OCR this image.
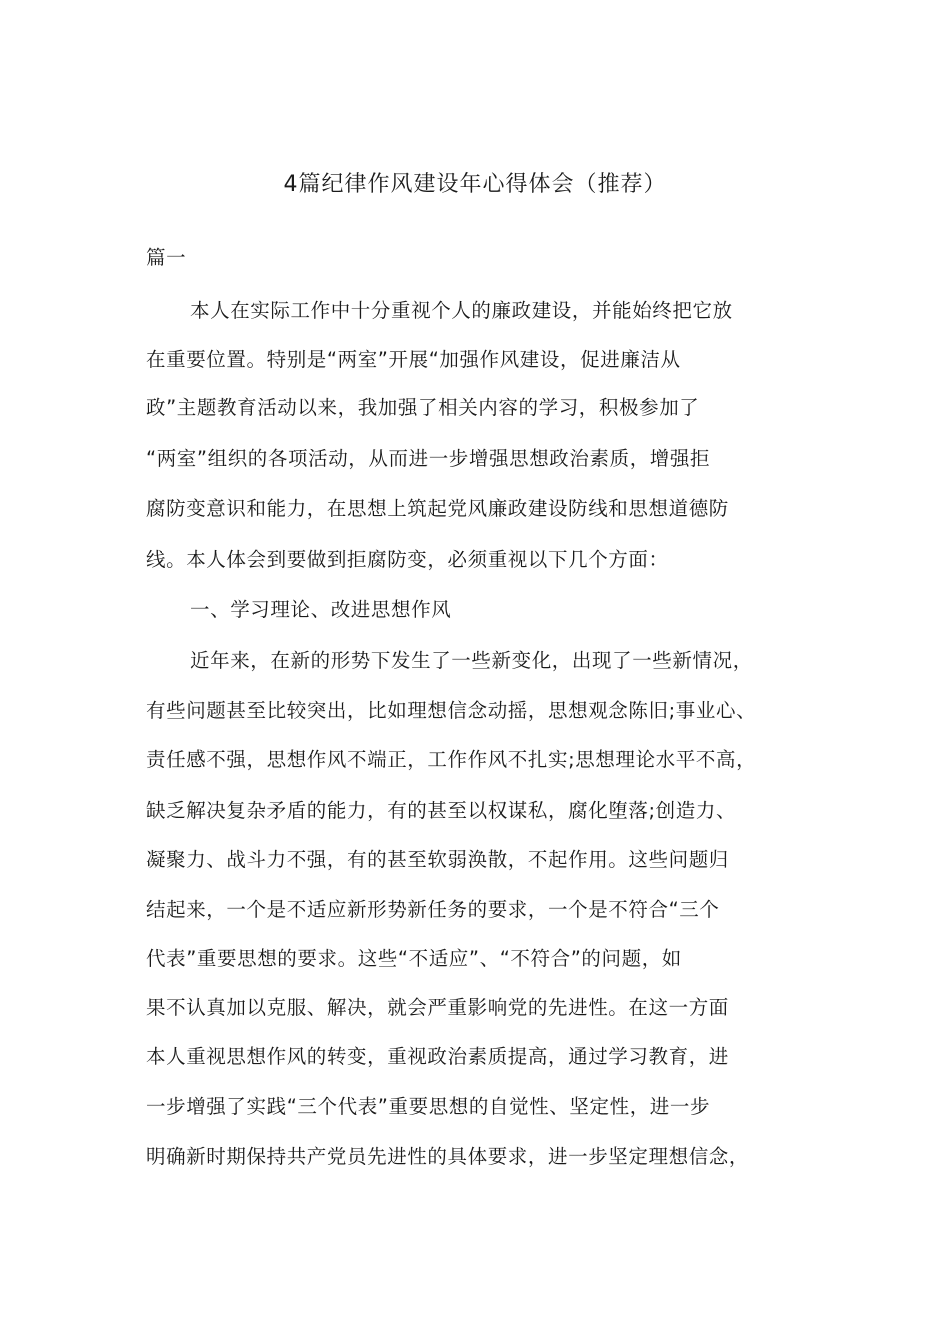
4篇纪律作风建设年心得体会（推荐）
篇一
本人在实际工作中十分重视个人的廉政建设，并能始终把它放
在重要位置。特别是“两室”开展“加强作风建设，促进廉洁从
政”主题教育活动以来，我加强了相关内容的学习，积极参加了
“两室”组织的各项活动，从而进一步增强思想政治素质，增强拒
腐防变意识和能力，在思想上筑起党风廉政建设防线和思想道德防
线。本人体会到要做到拒腐防变，必须重视以下几个方面：
一、学习理论、改进思想作风
近年来，在新的形势下发生了一些新变化，出现了一些新情况，
有些问题甚至比较突出，比如理想信念动摇，思想观念陈旧;事业心、
责任感不强，思想作风不端正，工作作风不扎实;思想理论水平不高，
缺乏解决复杂矛盾的能力，有的甚至以权谋私，腐化堕落;创造力、
凝聚力、战斗力不强，有的甚至软弱涣散，不起作用。这些问题归
结起来，一个是不适应新形势新任务的要求，一个是不符合“三个
代表”重要思想的要求。这些“不适应”、“不符合”的问题，如
果不认真加以克服、解决，就会严重影响党的先进性。在这一方面
本人重视思想作风的转变，重视政治素质提高，通过学习教育，进
一步增强了实践“三个代表”重要思想的自觉性、坚定性，进一步
明确新时期保持共产党员先进性的具体要求，进一步坚定理想信念，
